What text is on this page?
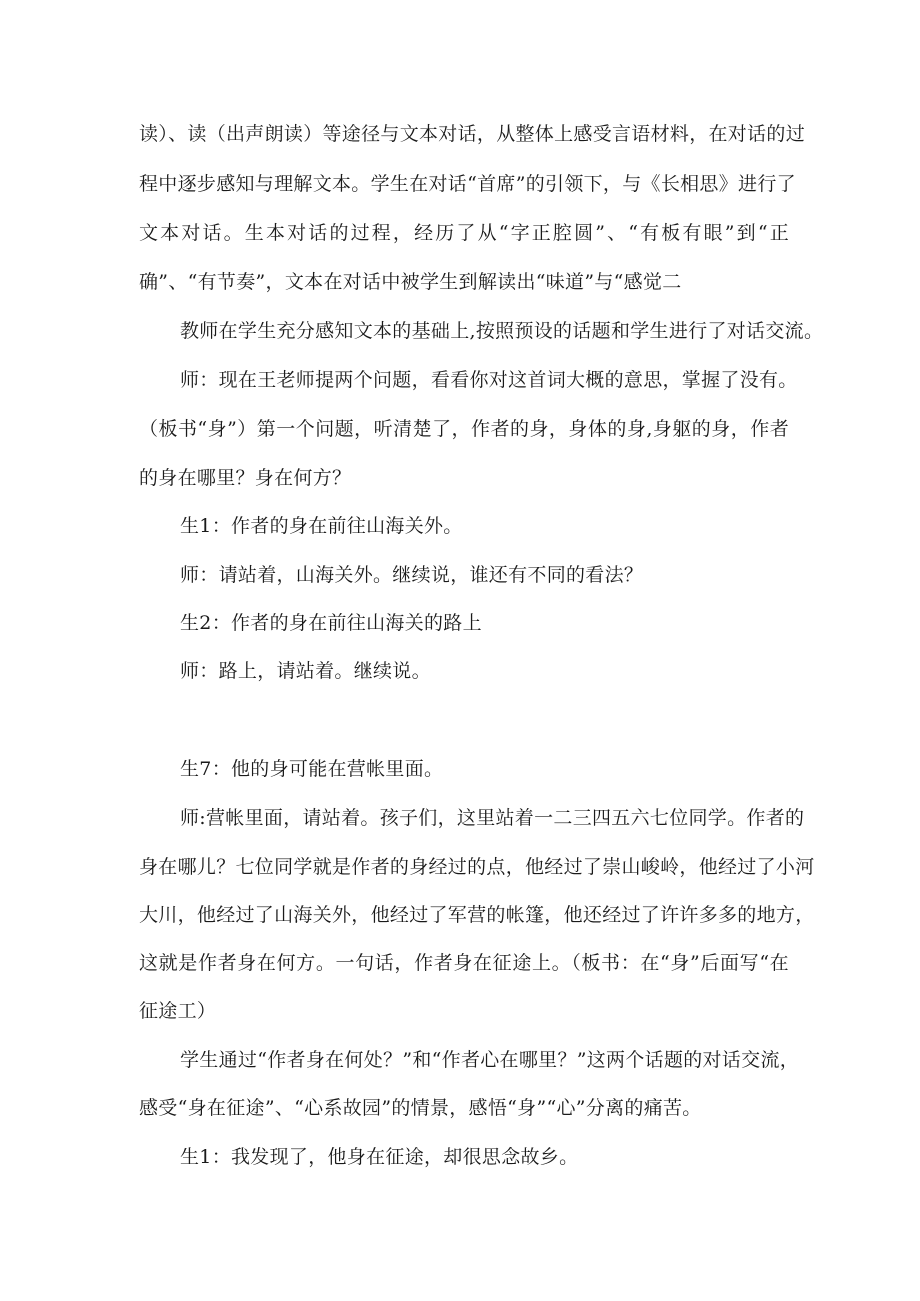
读）、读（出声朗读）等途径与文本对话，从整体上感受言语材料，在对话的过
程中逐步感知与理解文本。学生在对话“首席”的引领下，与《长相思》进行了
文本对话。生本对话的过程，经历了从“字正腔圆”、“有板有眼”到“正
确”、“有节奏”，文本在对话中被学生到解读出“味道”与“感觉二
教师在学生充分感知文本的基础上,按照预设的话题和学生进行了对话交流。
师：现在王老师提两个问题，看看你对这首词大概的意思，掌握了没有。
（板书“身”）第一个问题，听清楚了，作者的身，身体的身,身躯的身，作者
的身在哪里？身在何方？
生1：作者的身在前往山海关外。
师：请站着，山海关外。继续说，谁还有不同的看法？
生2：作者的身在前往山海关的路上
师：路上，请站着。继续说。
生7：他的身可能在营帐里面。
师:营帐里面，请站着。孩子们，这里站着一二三四五六七位同学。作者的
身在哪儿？七位同学就是作者的身经过的点，他经过了崇山峻岭，他经过了小河
大川，他经过了山海关外，他经过了军营的帐篷，他还经过了许许多多的地方，
这就是作者身在何方。一句话，作者身在征途上。（板书：在“身”后面写“在
征途工）
学生通过“作者身在何处？”和“作者心在哪里？”这两个话题的对话交流，
感受“身在征途”、“心系故园”的情景，感悟“身”“心”分离的痛苦。
生1：我发现了，他身在征途，却很思念故乡。
